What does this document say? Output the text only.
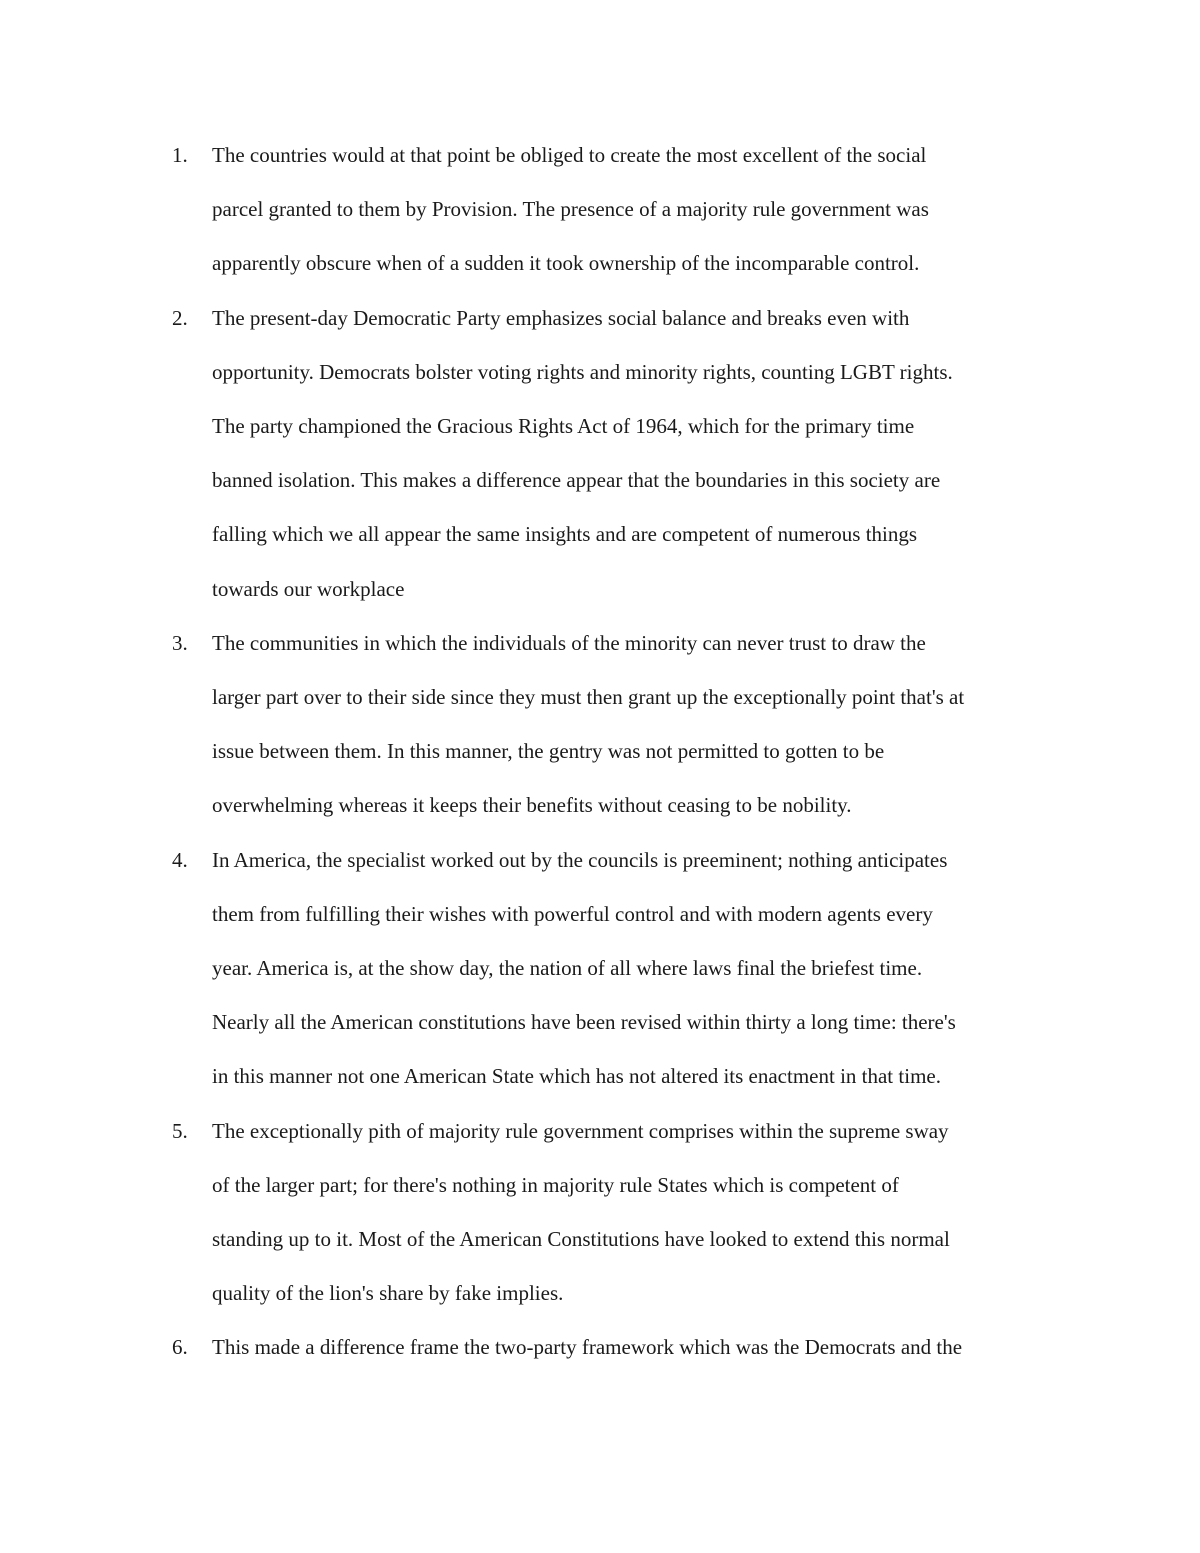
1.	The countries would at that point be obliged to create the most excellent of the social
parcel granted to them by Provision. The presence of a majority rule government was
apparently obscure when of a sudden it took ownership of the incomparable control.
2.	The present-day Democratic Party emphasizes social balance and breaks even with
opportunity. Democrats bolster voting rights and minority rights, counting LGBT rights.
The party championed the Gracious Rights Act of 1964, which for the primary time
banned isolation. This makes a difference appear that the boundaries in this society are
falling which we all appear the same insights and are competent of numerous things
towards our workplace
3.	The communities in which the individuals of the minority can never trust to draw the
larger part over to their side since they must then grant up the exceptionally point that's at
issue between them. In this manner, the gentry was not permitted to gotten to be
overwhelming whereas it keeps their benefits without ceasing to be nobility.
4.	In America, the specialist worked out by the councils is preeminent; nothing anticipates
them from fulfilling their wishes with powerful control and with modern agents every
year. America is, at the show day, the nation of all where laws final the briefest time.
Nearly all the American constitutions have been revised within thirty a long time: there's
in this manner not one American State which has not altered its enactment in that time.
5.	The exceptionally pith of majority rule government comprises within the supreme sway
of the larger part; for there's nothing in majority rule States which is competent of
standing up to it. Most of the American Constitutions have looked to extend this normal
quality of the lion's share by fake implies.
6.	This made a difference frame the two-party framework which was the Democrats and the
